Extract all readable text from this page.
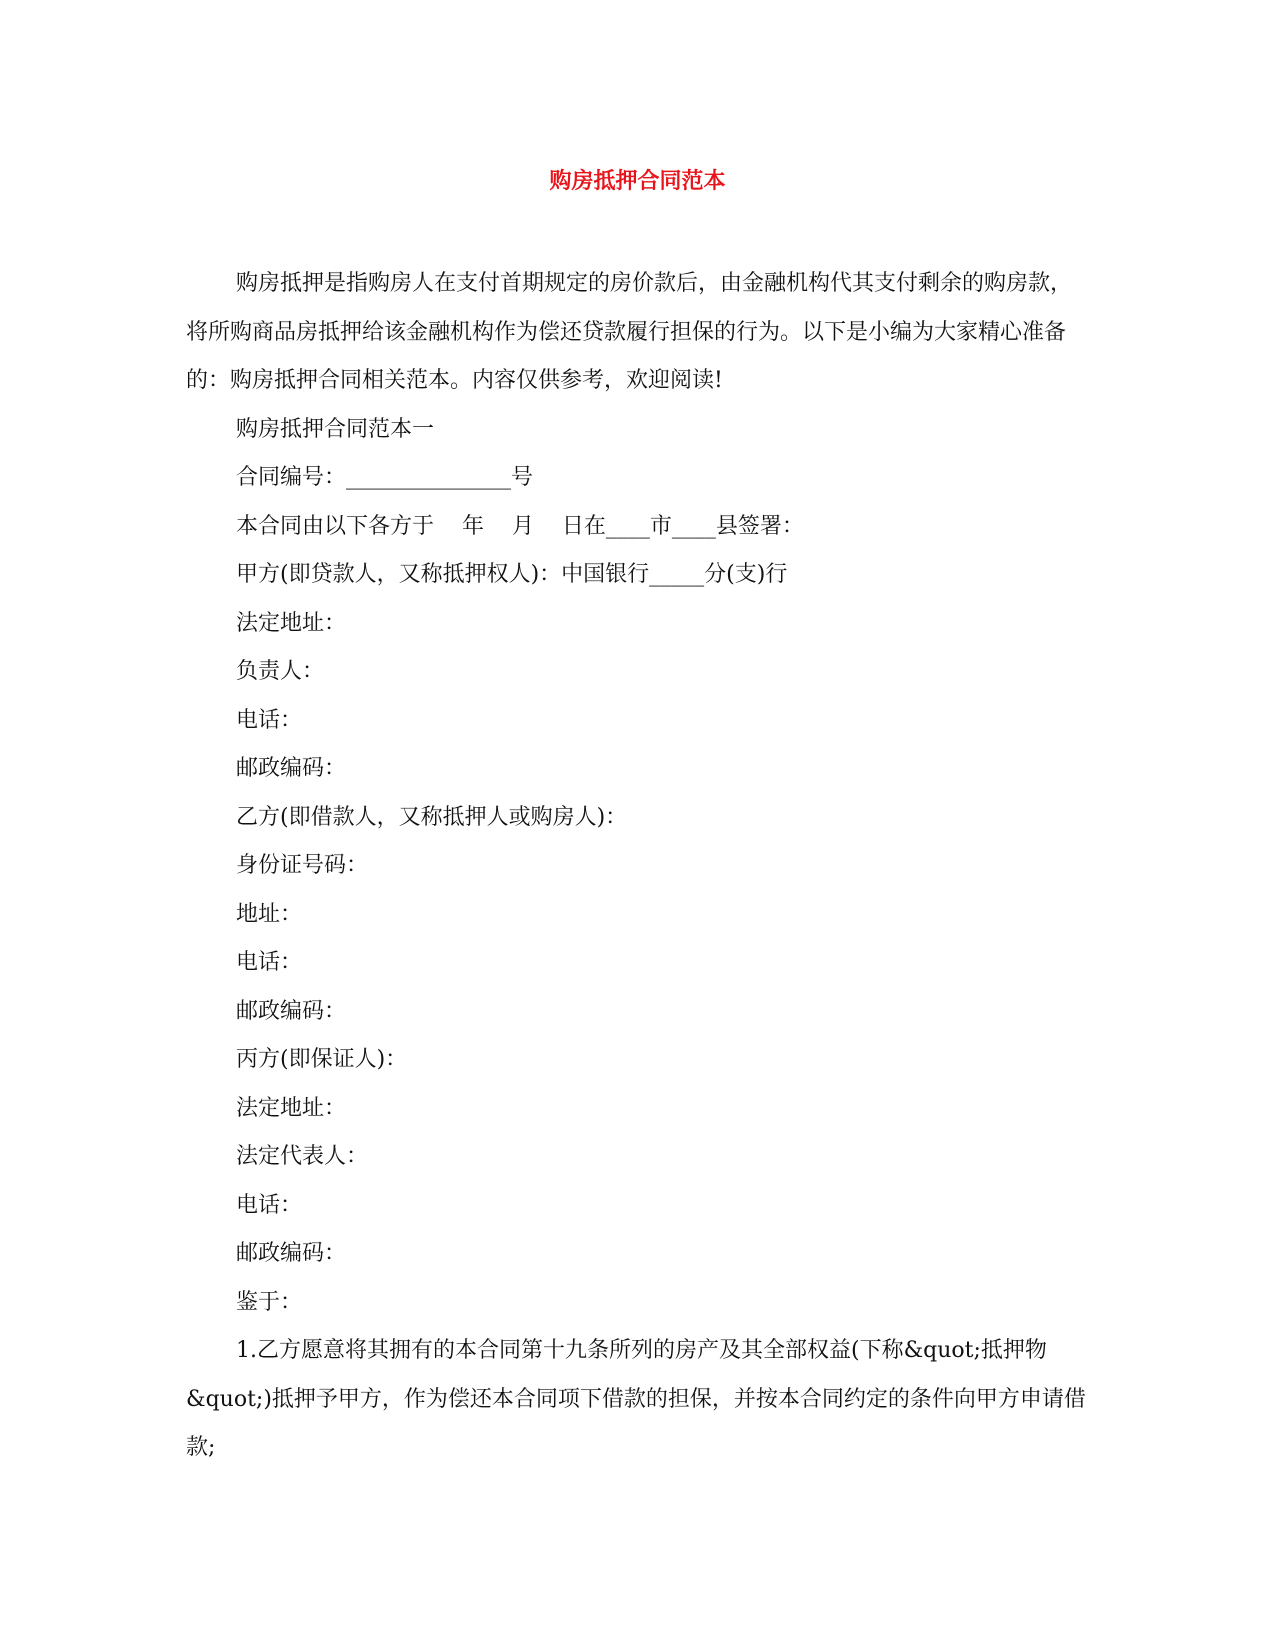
购房抵押合同范本

购房抵押是指购房人在支付首期规定的房价款后，由金融机构代其支付剩余的购房款，将所购商品房抵押给该金融机构作为偿还贷款履行担保的行为。以下是小编为大家精心准备的：购房抵押合同相关范本。内容仅供参考，欢迎阅读!

购房抵押合同范本一

合同编号：_______________号

本合同由以下各方于    年    月    日在____市____县签署：

甲方(即贷款人，又称抵押权人)：中国银行_____分(支)行

法定地址：

负责人：

电话：

邮政编码：

乙方(即借款人，又称抵押人或购房人)：

身份证号码：

地址：

电话：

邮政编码：

丙方(即保证人)：

法定地址：

法定代表人：

电话：

邮政编码：

鉴于：

1.乙方愿意将其拥有的本合同第十九条所列的房产及其全部权益(下称&quot;抵押物&quot;)抵押予甲方，作为偿还本合同项下借款的担保，并按本合同约定的条件向甲方申请借款;
